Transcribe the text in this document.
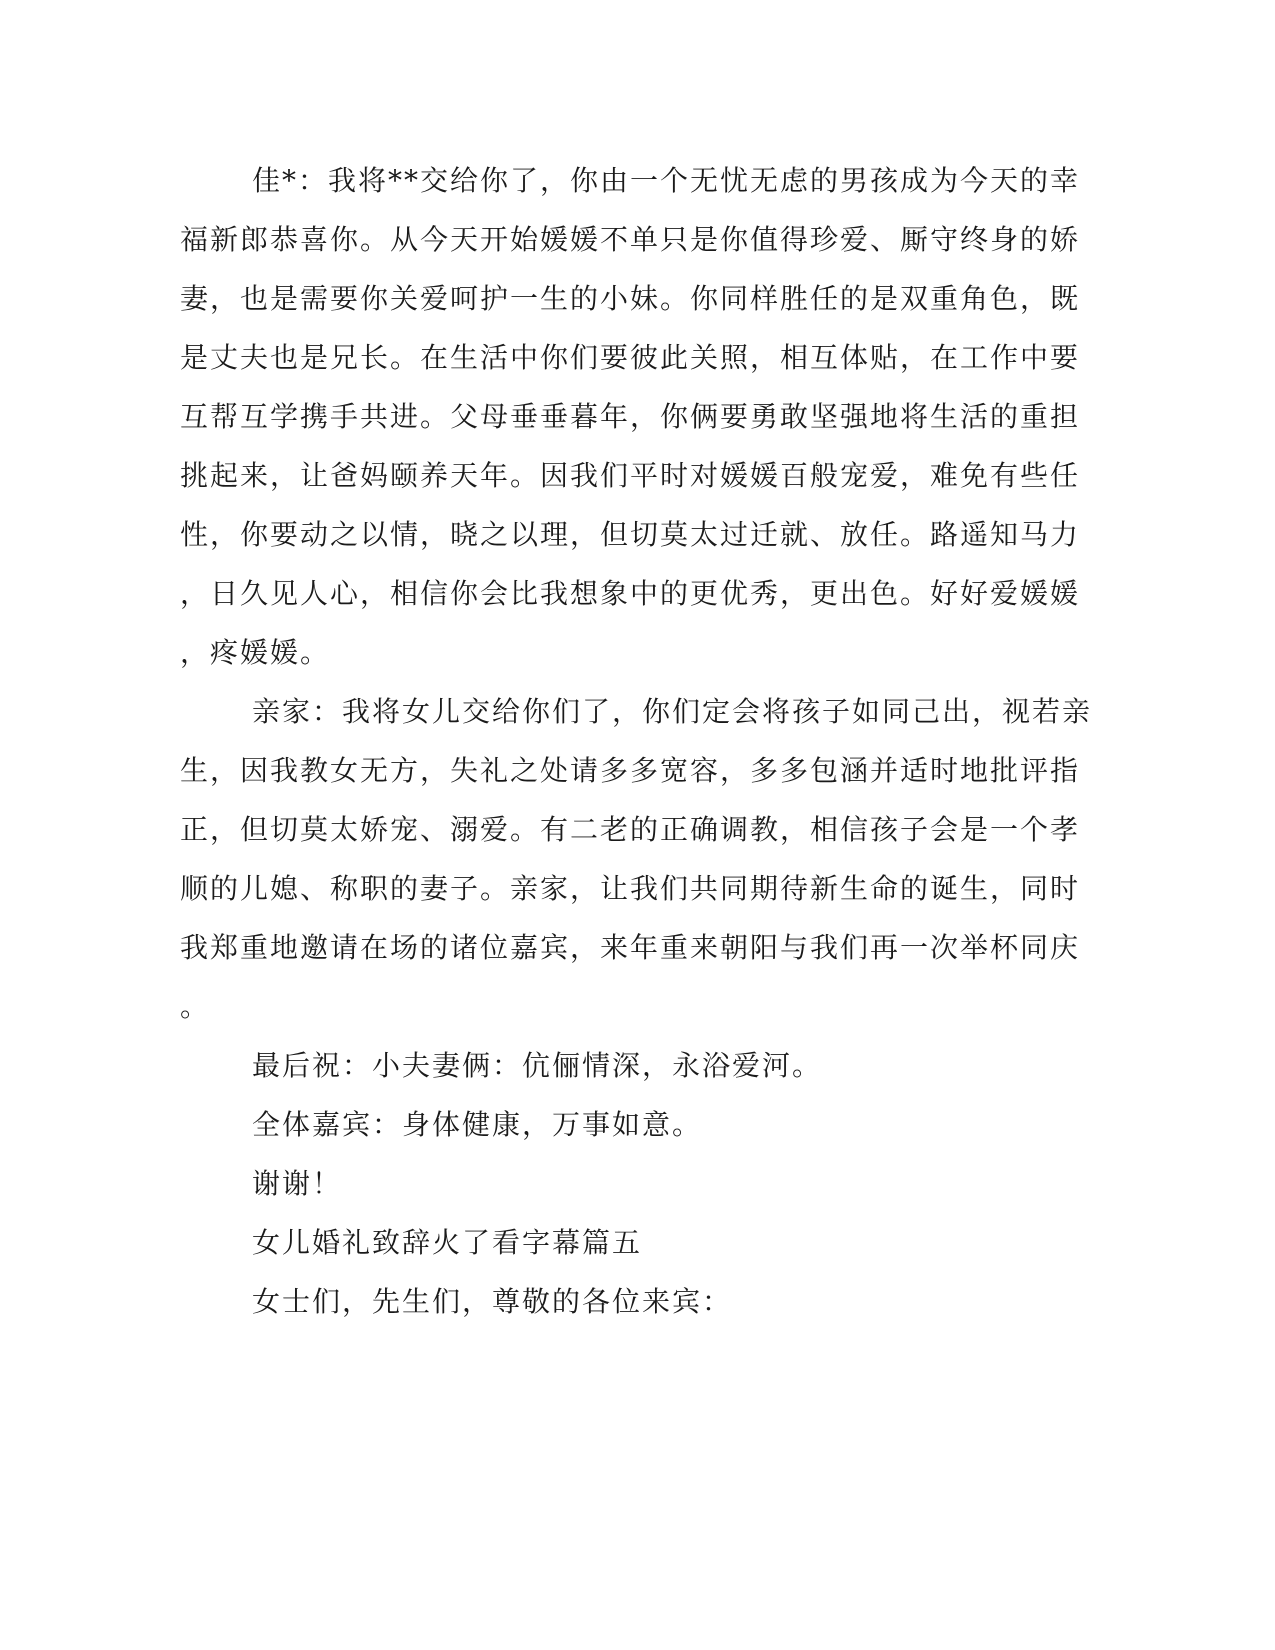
佳*：我将**交给你了，你由一个无忧无虑的男孩成为今天的幸
福新郎恭喜你。从今天开始媛媛不单只是你值得珍爱、厮守终身的娇
妻，也是需要你关爱呵护一生的小妹。你同样胜任的是双重角色，既
是丈夫也是兄长。在生活中你们要彼此关照，相互体贴，在工作中要
互帮互学携手共进。父母垂垂暮年，你俩要勇敢坚强地将生活的重担
挑起来，让爸妈颐养天年。因我们平时对媛媛百般宠爱，难免有些任
性，你要动之以情，晓之以理，但切莫太过迁就、放任。路遥知马力
，日久见人心，相信你会比我想象中的更优秀，更出色。好好爱媛媛
，疼媛媛。
亲家：我将女儿交给你们了，你们定会将孩子如同己出，视若亲
生，因我教女无方，失礼之处请多多宽容，多多包涵并适时地批评指
正，但切莫太娇宠、溺爱。有二老的正确调教，相信孩子会是一个孝
顺的儿媳、称职的妻子。亲家，让我们共同期待新生命的诞生，同时
我郑重地邀请在场的诸位嘉宾，来年重来朝阳与我们再一次举杯同庆
。
最后祝：小夫妻俩：伉俪情深，永浴爱河。
全体嘉宾：身体健康，万事如意。
谢谢！
女儿婚礼致辞火了看字幕篇五
女士们，先生们，尊敬的各位来宾：
